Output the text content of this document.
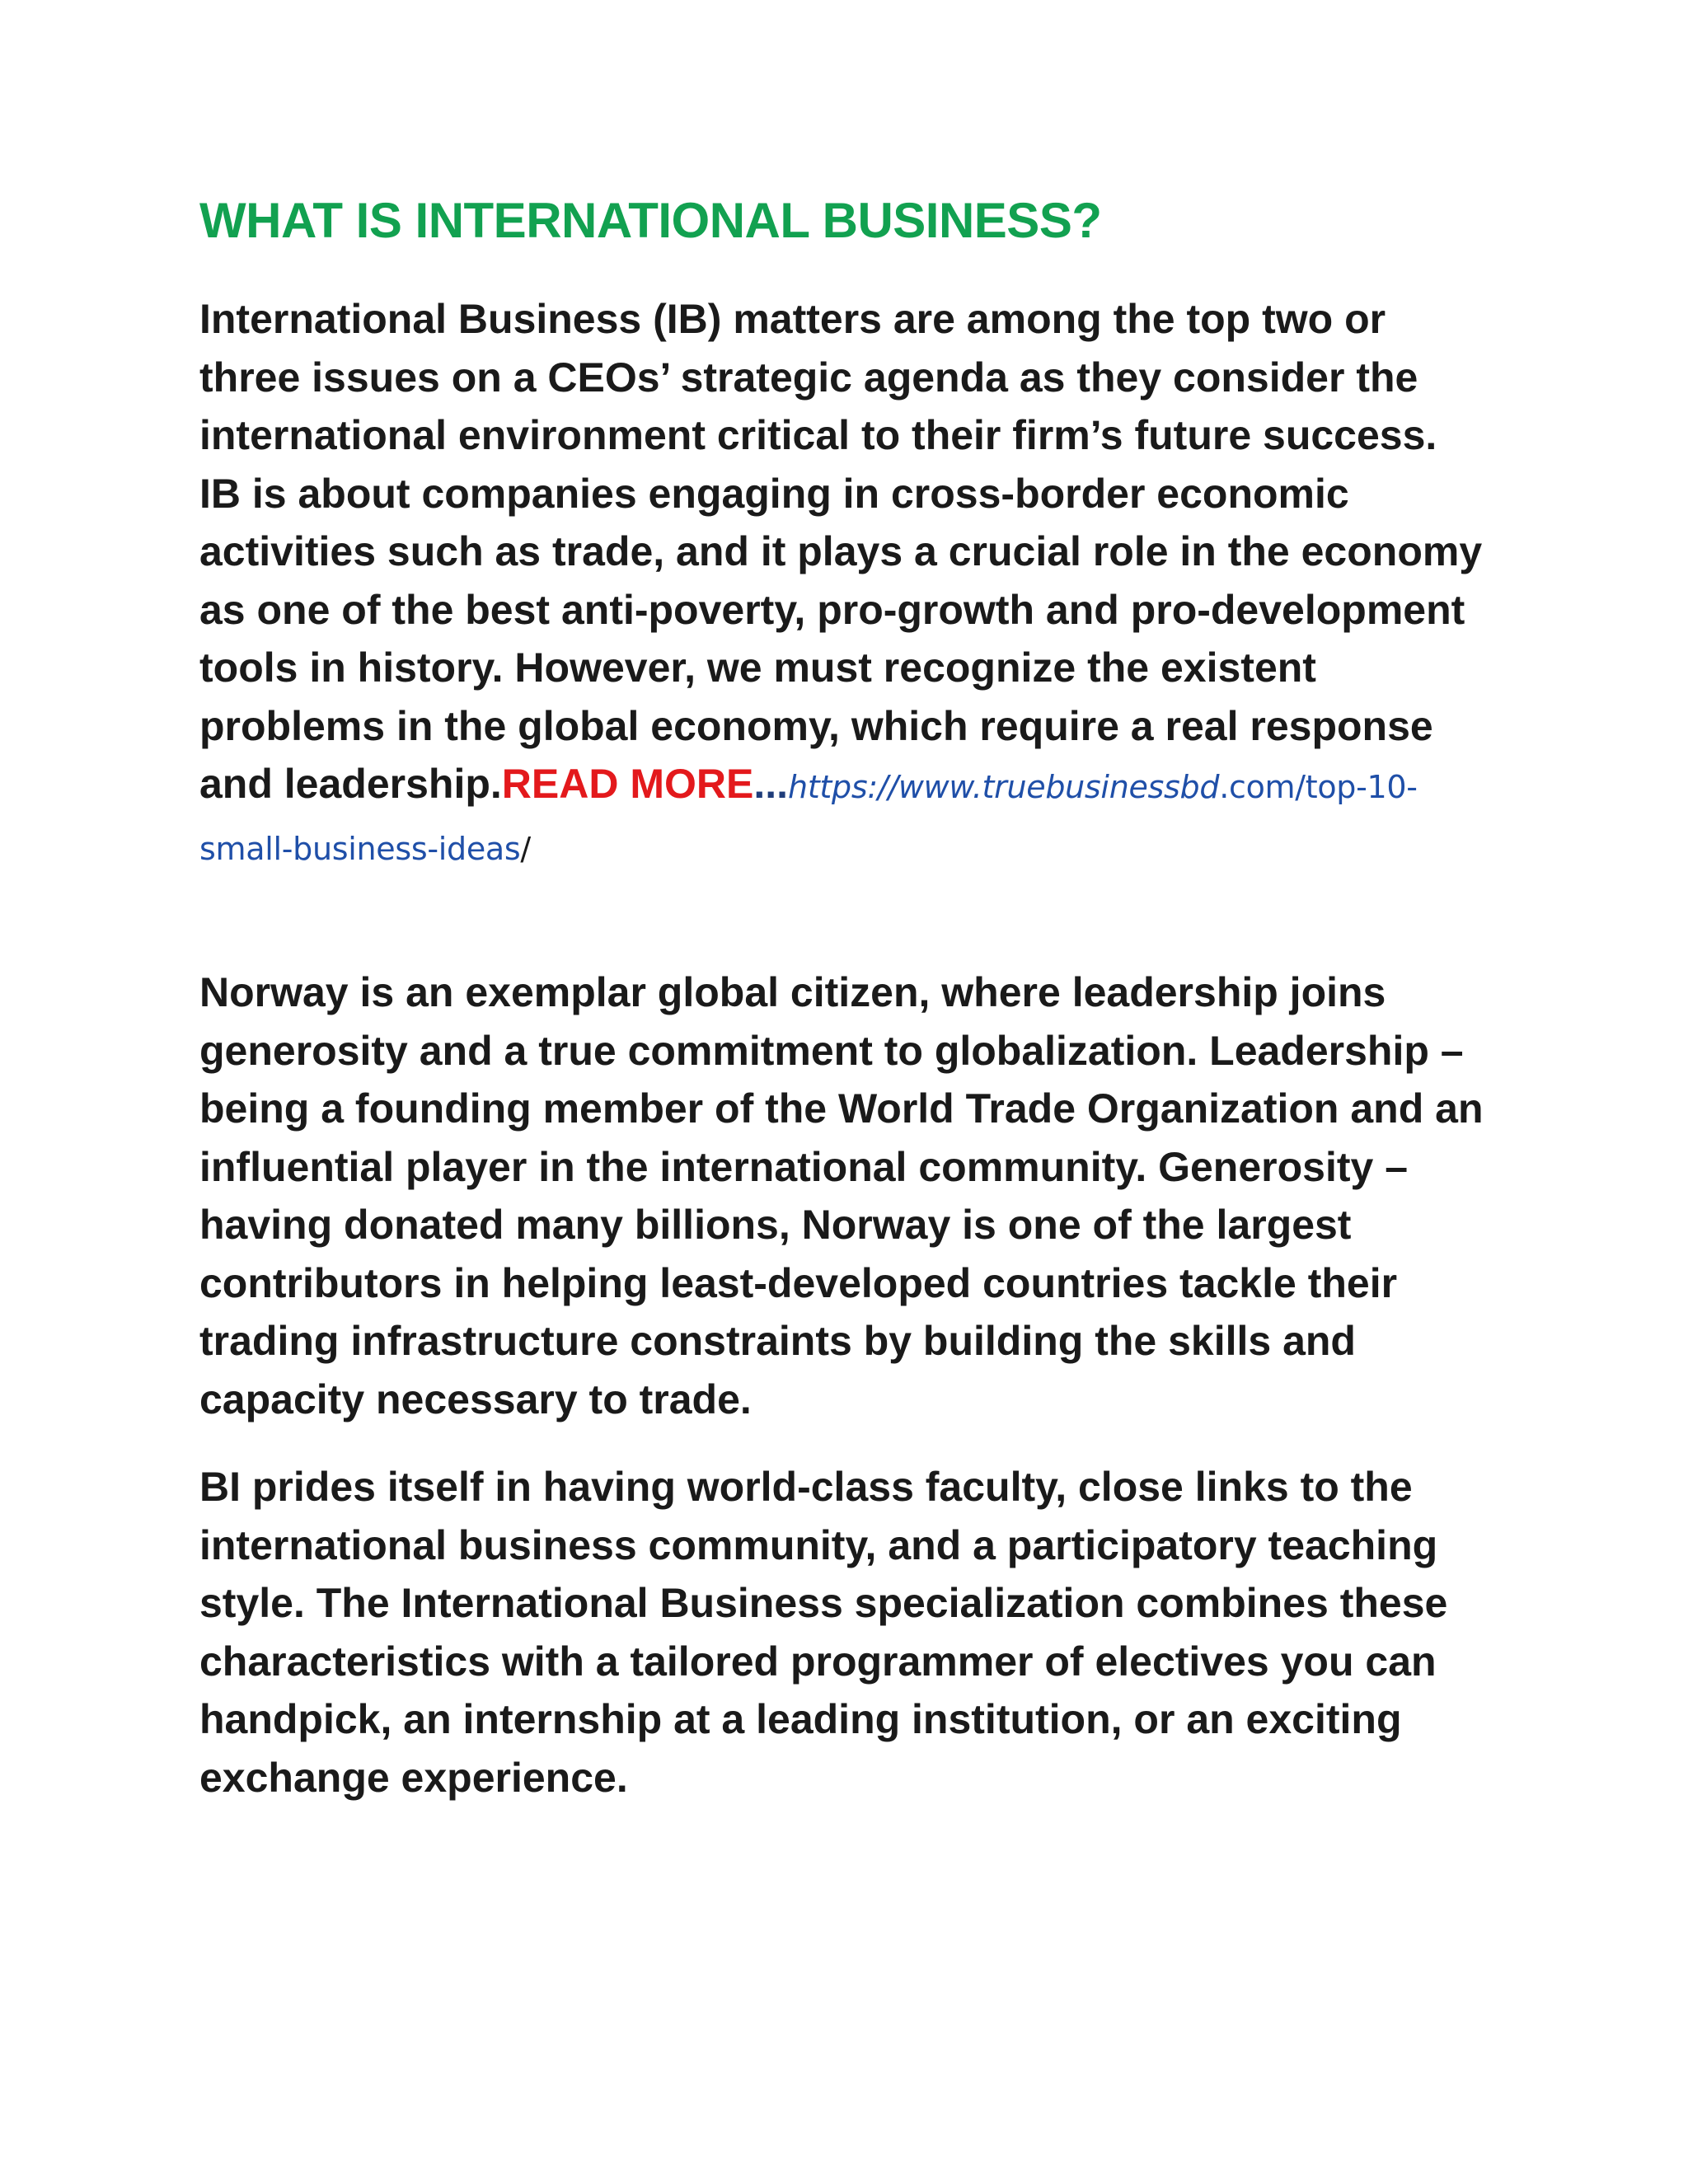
WHAT IS INTERNATIONAL BUSINESS?

International Business (IB) matters are among the top two or three issues on a CEOs’ strategic agenda as they consider the international environment critical to their firm’s future success. IB is about companies engaging in cross-border economic activities such as trade, and it plays a crucial role in the economy as one of the best anti-poverty, pro-growth and pro-development tools in history. However, we must recognize the existent problems in the global economy, which require a real response and leadership.READ MORE...https://www.truebusinessbd.com/top-10-small-business-ideas/

Norway is an exemplar global citizen, where leadership joins generosity and a true commitment to globalization. Leadership – being a founding member of the World Trade Organization and an influential player in the international community. Generosity – having donated many billions, Norway is one of the largest contributors in helping least-developed countries tackle their trading infrastructure constraints by building the skills and capacity necessary to trade.

BI prides itself in having world-class faculty, close links to the international business community, and a participatory teaching style. The International Business specialization combines these characteristics with a tailored programmer of electives you can handpick, an internship at a leading institution, or an exciting exchange experience.
